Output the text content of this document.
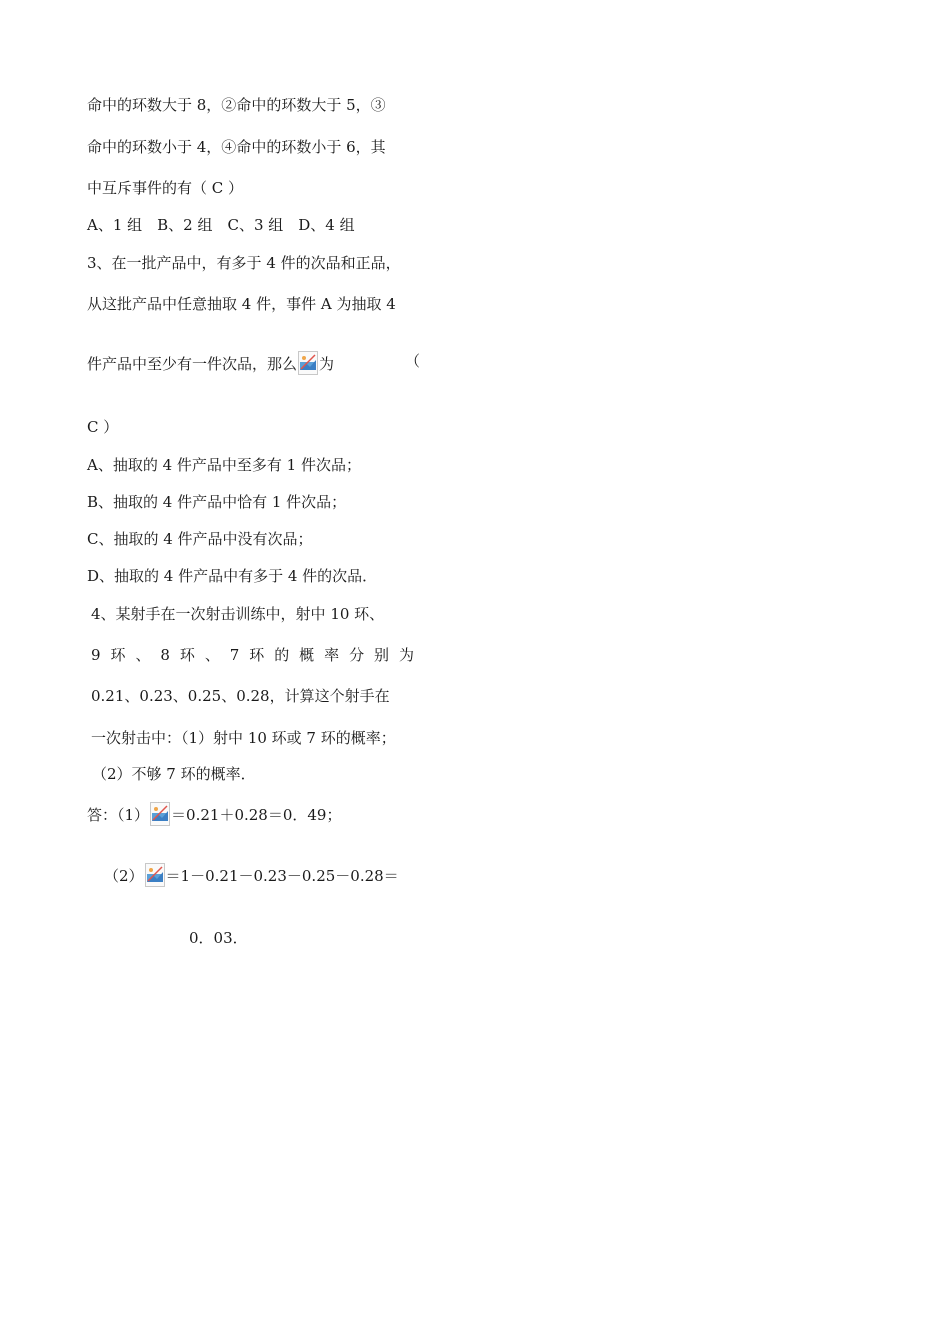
命中的环数大于 8，②命中的环数大于 5，③
命中的环数小于 4，④命中的环数小于 6，其
中互斥事件的有（ C ）
A、1 组　B、2 组　C、3 组　D、4 组
3、在一批产品中，有多于 4 件的次品和正品，
从这批产品中任意抽取 4 件，事件 A 为抽取 4
件产品中至少有一件次品，那么 为	（
C ）
A、抽取的 4 件产品中至多有 1 件次品；
B、抽取的 4 件产品中恰有 1 件次品；
C、抽取的 4 件产品中没有次品；
D、抽取的 4 件产品中有多于 4 件的次品．
4、某射手在一次射击训练中，射中 10 环、
9 环 、 8 环 、 7 环 的 概 率 分 别 为
0.21、0.23、0.25、0.28，计算这个射手在
一次射击中：（1）射中 10 环或 7 环的概率；
（2）不够 7 环的概率．
答：（1） ＝0.21＋0.28＝0．49；
（2） ＝1－0.21－0.23－0.25－0.28＝
0．03．
